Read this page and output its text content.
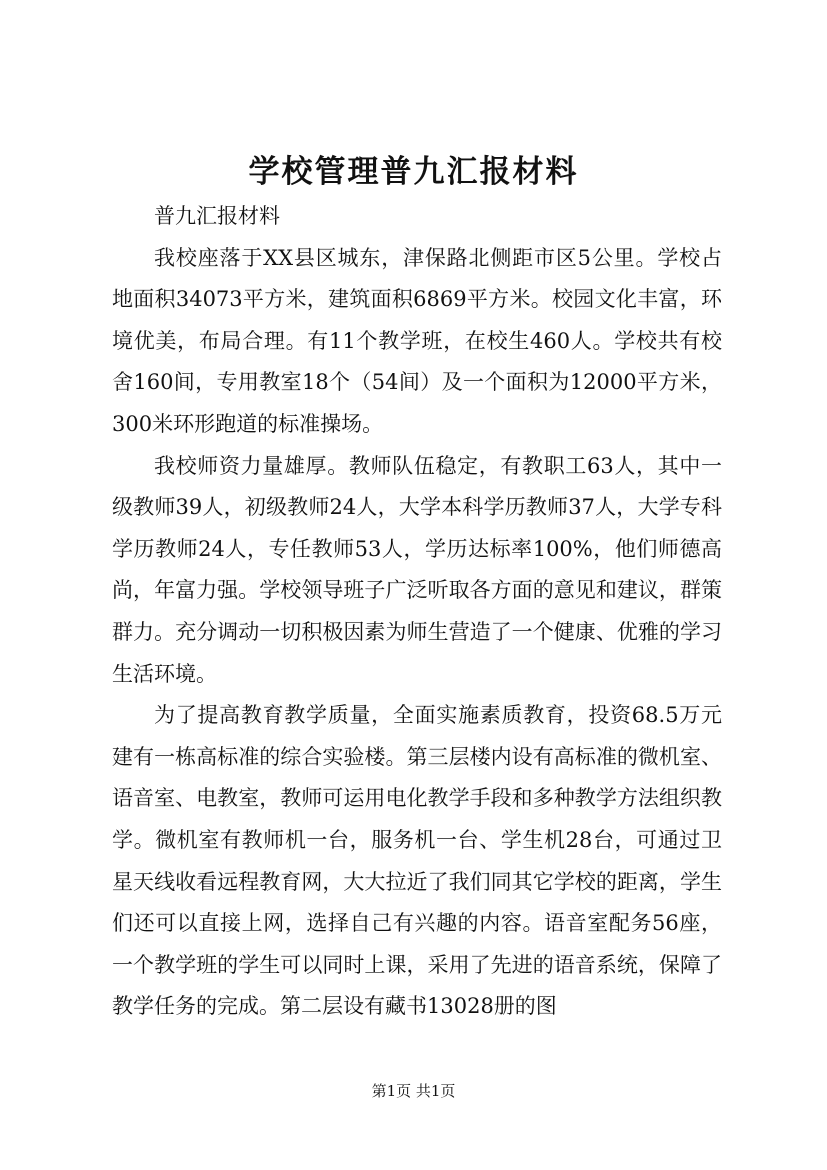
学校管理普九汇报材料

普九汇报材料

我校座落于XX县区城东，津保路北侧距市区5公里。学校占地面积34073平方米，建筑面积6869平方米。校园文化丰富，环境优美，布局合理。有11个教学班，在校生460人。学校共有校舍160间，专用教室18个（54间）及一个面积为12000平方米，300米环形跑道的标准操场。

我校师资力量雄厚。教师队伍稳定，有教职工63人，其中一级教师39人，初级教师24人，大学本科学历教师37人，大学专科学历教师24人，专任教师53人，学历达标率100%，他们师德高尚，年富力强。学校领导班子广泛听取各方面的意见和建议，群策群力。充分调动一切积极因素为师生营造了一个健康、优雅的学习生活环境。

为了提高教育教学质量，全面实施素质教育，投资68.5万元建有一栋高标准的综合实验楼。第三层楼内设有高标准的微机室、语音室、电教室，教师可运用电化教学手段和多种教学方法组织教学。微机室有教师机一台，服务机一台、学生机28台，可通过卫星天线收看远程教育网，大大拉近了我们同其它学校的距离，学生们还可以直接上网，选择自己有兴趣的内容。语音室配务56座，一个教学班的学生可以同时上课，采用了先进的语音系统，保障了教学任务的完成。第二层设有藏书13028册的图

第1页 共1页
